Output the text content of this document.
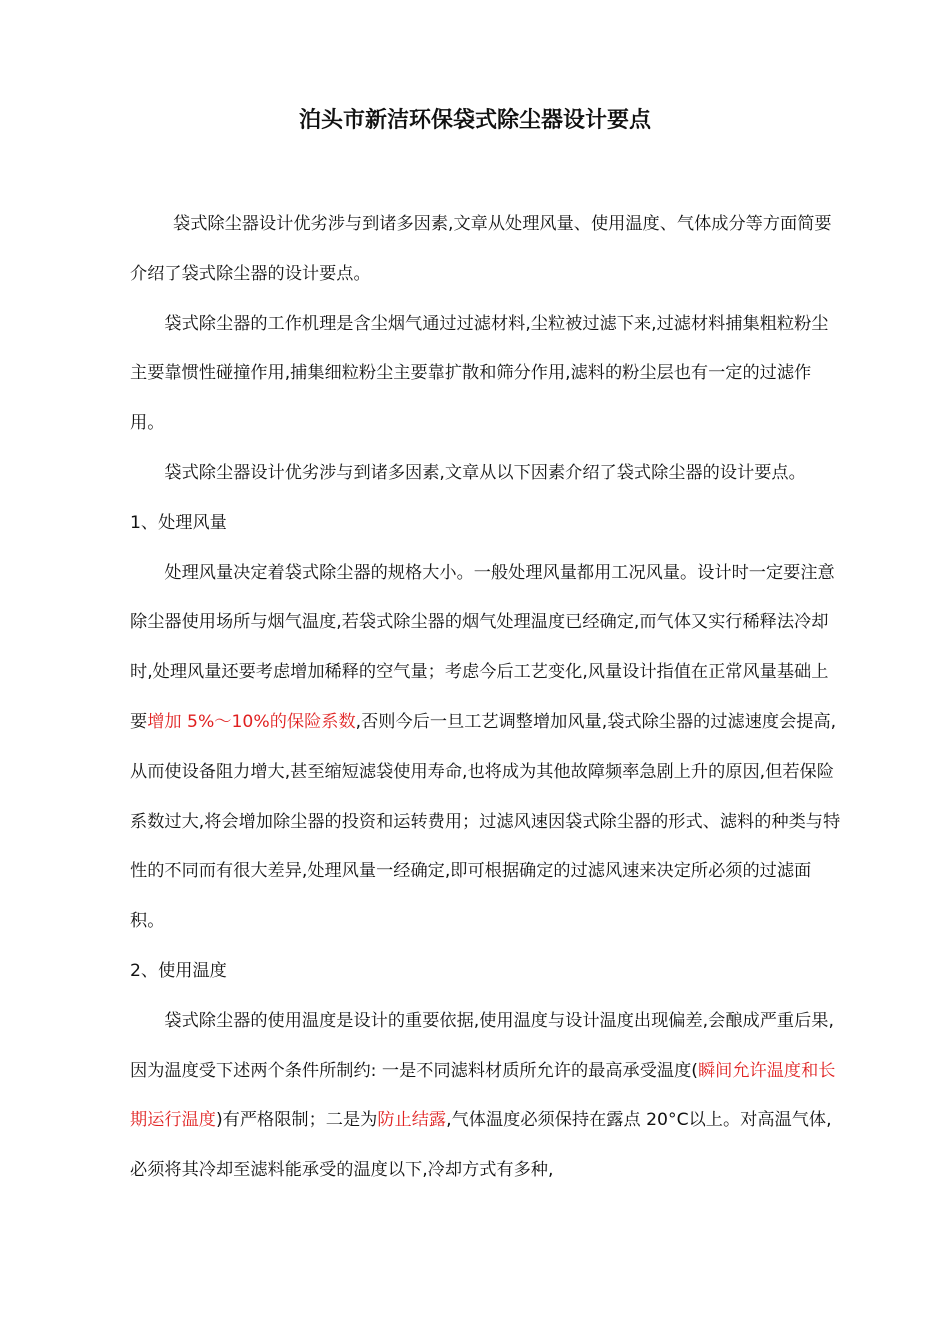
泊头市新洁环保袋式除尘器设计要点

袋式除尘器设计优劣涉与到诸多因素,文章从处理风量、使用温度、气体成分等方面简要介绍了袋式除尘器的设计要点。

袋式除尘器的工作机理是含尘烟气通过过滤材料,尘粒被过滤下来,过滤材料捕集粗粒粉尘主要靠惯性碰撞作用,捕集细粒粉尘主要靠扩散和筛分作用,滤料的粉尘层也有一定的过滤作用。

袋式除尘器设计优劣涉与到诸多因素,文章从以下因素介绍了袋式除尘器的设计要点。

1、处理风量

处理风量决定着袋式除尘器的规格大小。一般处理风量都用工况风量。设计时一定要注意除尘器使用场所与烟气温度,若袋式除尘器的烟气处理温度已经确定,而气体又实行稀释法冷却时,处理风量还要考虑增加稀释的空气量；考虑今后工艺变化,风量设计指值在正常风量基础上要增加 5%～10%的保险系数,否则今后一旦工艺调整增加风量,袋式除尘器的过滤速度会提高,从而使设备阻力增大,甚至缩短滤袋使用寿命,也将成为其他故障频率急剧上升的原因,但若保险系数过大,将会增加除尘器的投资和运转费用；过滤风速因袋式除尘器的形式、滤料的种类与特性的不同而有很大差异,处理风量一经确定,即可根据确定的过滤风速来决定所必须的过滤面积。

2、使用温度

袋式除尘器的使用温度是设计的重要依据,使用温度与设计温度出现偏差,会酿成严重后果,因为温度受下述两个条件所制约: 一是不同滤料材质所允许的最高承受温度(瞬间允许温度和长期运行温度)有严格限制；二是为防止结露,气体温度必须保持在露点 20°C以上。对高温气体,必须将其冷却至滤料能承受的温度以下,冷却方式有多种,
